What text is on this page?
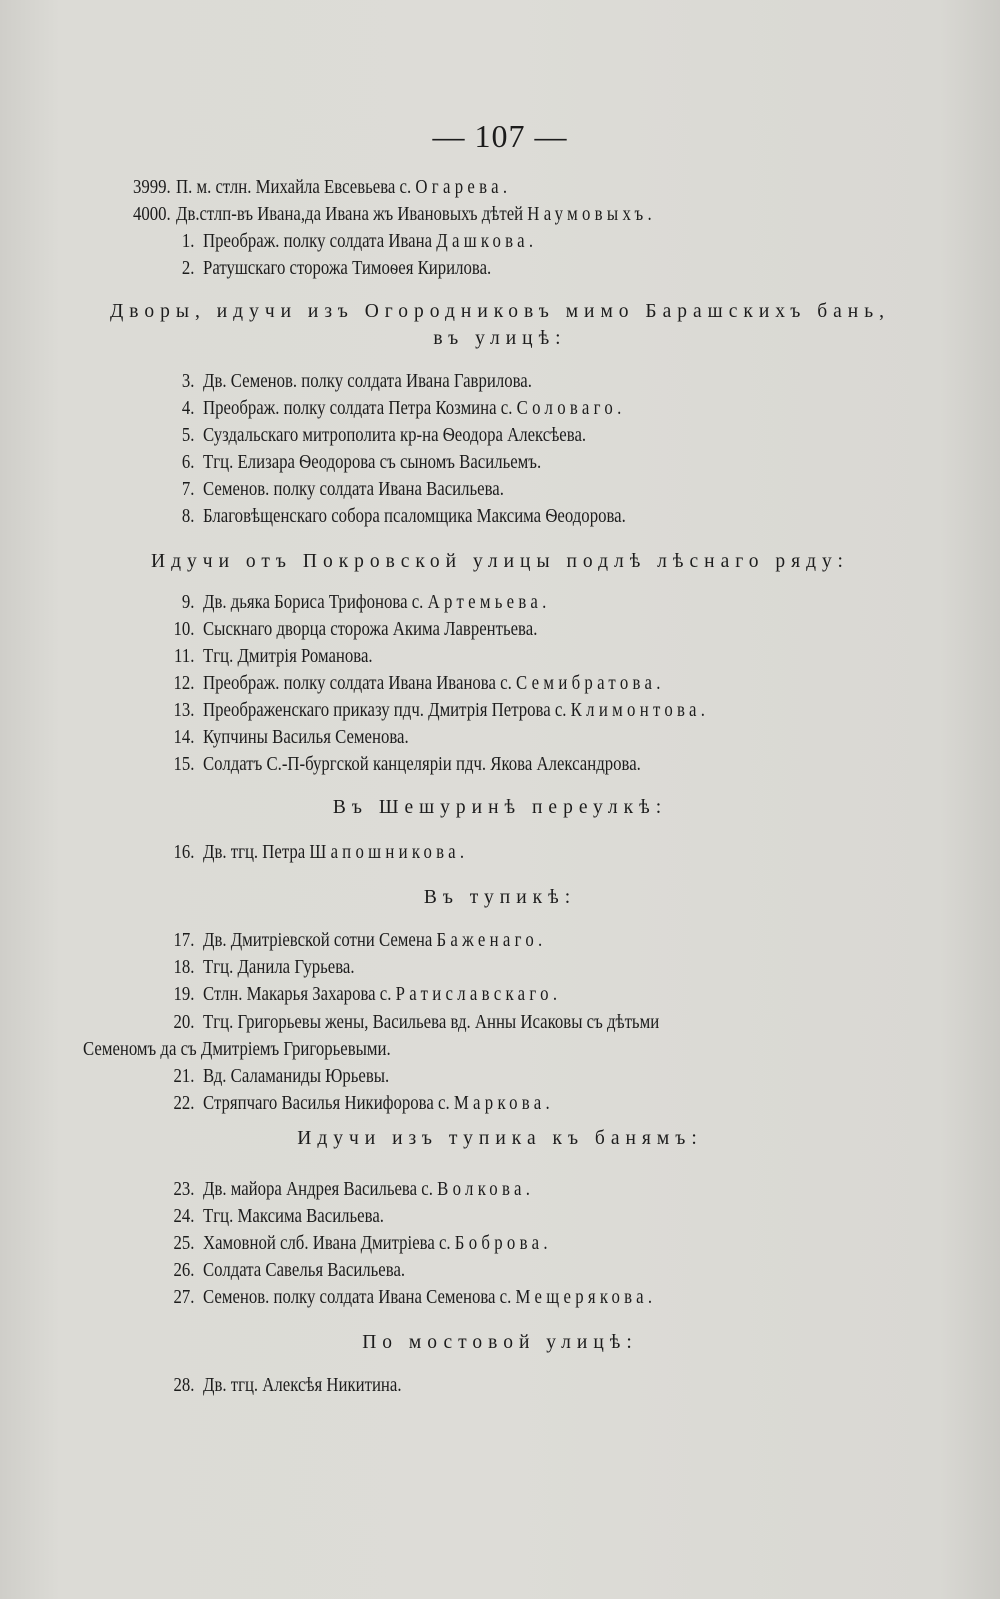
— 107 —
3999. П. м. стлн. Михайла Евсевьева с. Огарева.
4000. Дв.стлп-въ Ивана,да Ивана жъ Ивановыхъ дѣтей Наумовыхъ.
1. Преображ. полку солдата Ивана Дашкова.
2. Ратушскаго сторожа Тимоѳея Кирилова.
3. Дв. Семенов. полку солдата Ивана Гаврилова.
4. Преображ. полку солдата Петра Козмина с. Соловаго.
5. Суздальскаго митрополита кр-на Ѳеодора Алексѣева.
6. Тгц. Елизара Ѳеодорова съ сыномъ Васильемъ.
7. Семенов. полку солдата Ивана Васильева.
8. Благовѣщенскаго собора псаломщика Максима Ѳеодорова.
9. Дв. дьяка Бориса Трифонова с. Артемьева.
10. Сыскнаго дворца сторожа Акима Лаврентьева.
11. Тгц. Дмитрія Романова.
12. Преображ. полку солдата Ивана Иванова с. Семибратова.
13. Преображенскаго приказу пдч. Дмитрія Петрова с. Климонтова.
14. Купчины Василья Семенова.
15. Солдатъ С.-П-бургской канцеляріи пдч. Якова Александрова.
16. Дв. тгц. Петра Шапошникова.
17. Дв. Дмитріевской сотни Семена Баженаго.
18. Тгц. Данила Гурьева.
19. Стлн. Макарья Захарова с. Ратиславскаго.
20. Тгц. Григорьевы жены, Васильева вд. Анны Исаковы съ дѣтьми
21. Вд. Саламаниды Юрьевы.
22. Стряпчаго Василья Никифорова с. Маркова.
23. Дв. майора Андрея Васильева с. Волкова.
24. Тгц. Максима Васильева.
25. Хамовной слб. Ивана Дмитріева с. Боброва.
26. Солдата Савелья Васильева.
27. Семенов. полку солдата Ивана Семенова с. Мещерякова.
28. Дв. тгц. Алексѣя Никитина.
Семеномъ да съ Дмитріемъ Григорьевыми.
Дворы, идучи изъ Огородниковъ мимо Барашскихъ бань,
въ улицѣ:
Идучи отъ Покровской улицы подлѣ лѣснаго ряду:
Въ Шешуринѣ переулкѣ:
Въ тупикѣ:
Идучи изъ тупика къ банямъ:
По мостовой улицѣ:
